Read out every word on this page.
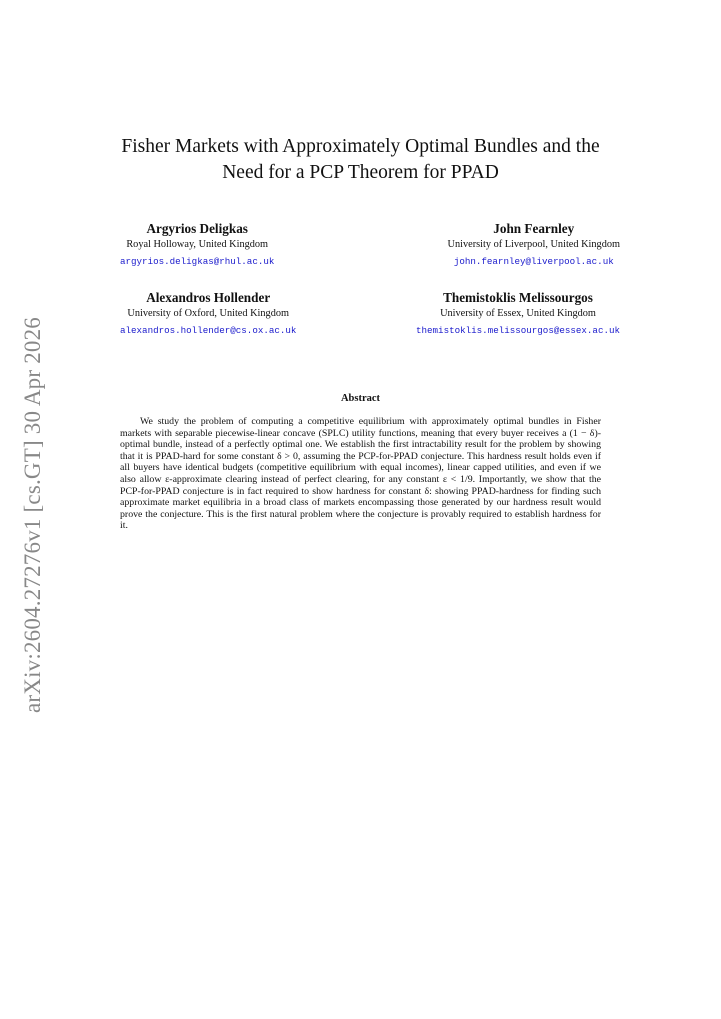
arXiv:2604.27276v1 [cs.GT] 30 Apr 2026
Fisher Markets with Approximately Optimal Bundles and the
Need for a PCP Theorem for PPAD
Argyrios Deligkas
Royal Holloway, United Kingdom
argyrios.deligkas@rhul.ac.uk
John Fearnley
University of Liverpool, United Kingdom
john.fearnley@liverpool.ac.uk
Alexandros Hollender
University of Oxford, United Kingdom
alexandros.hollender@cs.ox.ac.uk
Themistoklis Melissourgos
University of Essex, United Kingdom
themistoklis.melissourgos@essex.ac.uk
Abstract

We study the problem of computing a competitive equilibrium with approximately optimal bundles in Fisher markets with separable piecewise-linear concave (SPLC) utility functions, meaning that every buyer receives a (1 − δ)-optimal bundle, instead of a perfectly optimal one. We establish the first intractability result for the problem by showing that it is PPAD-hard for some constant δ > 0, assuming the PCP-for-PPAD conjecture. This hardness result holds even if all buyers have identical budgets (competitive equilibrium with equal incomes), linear capped utilities, and even if we also allow ε-approximate clearing instead of perfect clearing, for any constant ε < 1/9. Importantly, we show that the PCP-for-PPAD conjecture is in fact required to show hardness for constant δ: showing PPAD-hardness for finding such approximate market equilibria in a broad class of markets encompassing those generated by our hardness result would prove the conjecture. This is the first natural problem where the conjecture is provably required to establish hardness for it.
